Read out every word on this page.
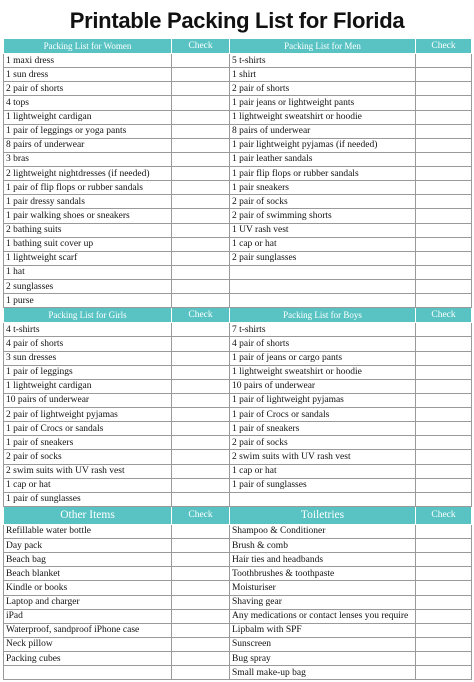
Printable Packing List for Florida
Packing List for Women	Check	Packing List for Men	Check
1 maxi dress		5 t-shirts	
1 sun dress		1 shirt	
2 pair of shorts		2 pair of shorts	
4 tops		1 pair jeans or lightweight pants	
1 lightweight cardigan		1 lightweight sweatshirt or hoodie	
1 pair of leggings or yoga pants		8 pairs of underwear	
8 pairs of underwear		1 pair lightweight pyjamas (if needed)	
3 bras		1 pair leather sandals	
2 lightweight nightdresses (if needed)		1 pair flip flops or rubber sandals	
1 pair of flip flops or rubber sandals		1 pair sneakers	
1 pair dressy sandals		2 pair of socks	
1 pair walking shoes or sneakers		2 pair of swimming shorts	
2 bathing suits		1 UV rash vest	
1 bathing suit cover up		1 cap or hat	
1 lightweight scarf		2 pair sunglasses	
1 hat			
2 sunglasses			
1 purse			
Packing List for Girls	Check	Packing List for Boys	Check
4 t-shirts		7 t-shirts	
4 pair of shorts		4 pair of shorts	
3 sun dresses		1 pair of jeans or cargo pants	
1 pair of leggings		1 lightweight sweatshirt or hoodie	
1 lightweight cardigan		10 pairs of underwear	
10 pairs of underwear		1 pair of lightweight pyjamas	
2 pair of lightweight pyjamas		1 pair of Crocs or sandals	
1 pair of Crocs or sandals		1 pair of sneakers	
1 pair of sneakers		2 pair of socks	
2 pair of socks		2 swim suits with UV rash vest	
2 swim suits with UV rash vest		1 cap or hat	
1 cap or hat		1 pair of sunglasses	
1 pair of sunglasses			
Other Items	Check	Toiletries	Check
Refillable water bottle		Shampoo & Conditioner	
Day pack		Brush & comb	
Beach bag		Hair ties and headbands	
Beach blanket		Toothbrushes & toothpaste	
Kindle or books		Moisturiser	
Laptop and charger		Shaving gear	
iPad		Any medications or contact lenses you require	
Waterproof, sandproof iPhone case		Lipbalm with SPF	
Neck pillow		Sunscreen	
Packing cubes		Bug spray	
		Small make-up bag	
